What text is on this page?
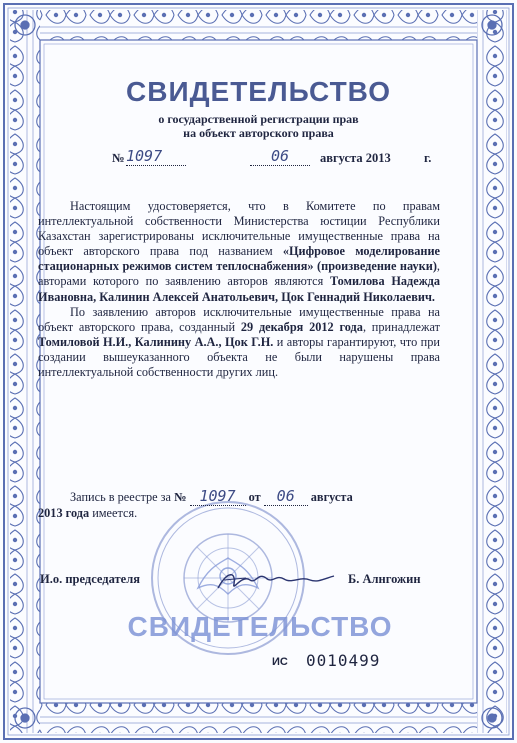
СВИДЕТЕЛЬСТВО
о государственной регистрации прав
на объект авторского права
№ 1097	06	августа 2013	г.

Настоящим удостоверяется, что в Комитете по правам интеллектуальной собственности Министерства юстиции Республики Казахстан зарегистрированы исключительные имущественные права на объект авторского права под названием «Цифровое моделирование стационарных режимов систем теплоснабжения» (произведение науки), авторами которого по заявлению авторов являются Томилова Надежда Ивановна, Калинин Алексей Анатольевич, Цок Геннадий Николаевич.

По заявлению авторов исключительные имущественные права на объект авторского права, созданный 29 декабря 2012 года, принадлежат Томиловой Н.И., Калинину А.А., Цок Г.Н. и авторы гарантируют, что при создании вышеуказанного объекта не были нарушены права интеллектуальной собственности других лиц.

Запись в реестре за № 1097 от 06 августа
2013 года имеется.
И.о. председателя	Б. Алнгожин
СВИДЕТЕЛЬСТВО
ИС 0010499
